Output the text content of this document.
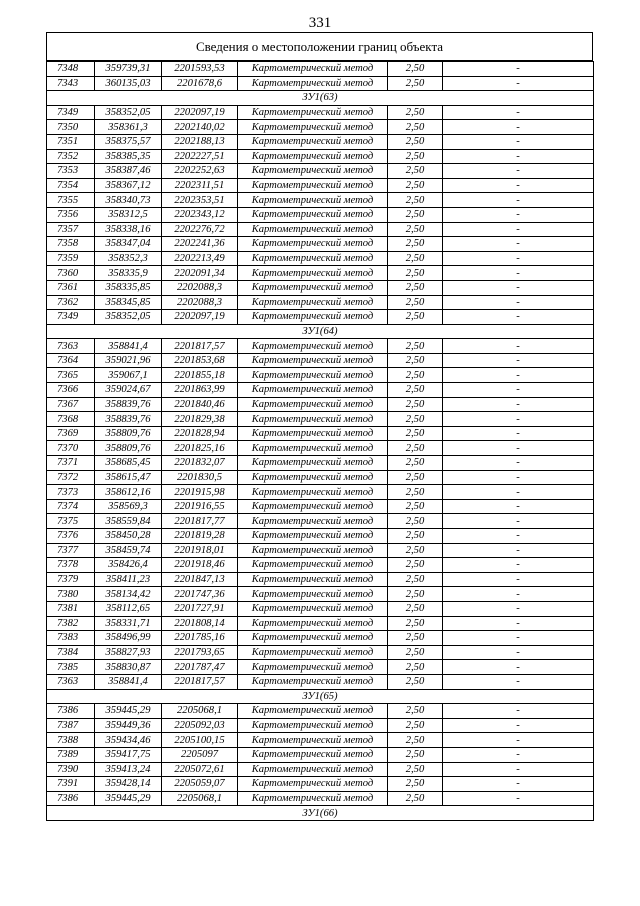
331
Сведения о местоположении границ объекта
7348	359739,31	2201593,53	Картометрический метод	2,50	-
7343	360135,03	2201678,6	Картометрический метод	2,50	-
ЗУ1(63)					
7349	358352,05	2202097,19	Картометрический метод	2,50	-
7350	358361,3	2202140,02	Картометрический метод	2,50	-
7351	358375,57	2202188,13	Картометрический метод	2,50	-
7352	358385,35	2202227,51	Картометрический метод	2,50	-
7353	358387,46	2202252,63	Картометрический метод	2,50	-
7354	358367,12	2202311,51	Картометрический метод	2,50	-
7355	358340,73	2202353,51	Картометрический метод	2,50	-
7356	358312,5	2202343,12	Картометрический метод	2,50	-
7357	358338,16	2202276,72	Картометрический метод	2,50	-
7358	358347,04	2202241,36	Картометрический метод	2,50	-
7359	358352,3	2202213,49	Картометрический метод	2,50	-
7360	358335,9	2202091,34	Картометрический метод	2,50	-
7361	358335,85	2202088,3	Картометрический метод	2,50	-
7362	358345,85	2202088,3	Картометрический метод	2,50	-
7349	358352,05	2202097,19	Картометрический метод	2,50	-
ЗУ1(64)					
7363	358841,4	2201817,57	Картометрический метод	2,50	-
7364	359021,96	2201853,68	Картометрический метод	2,50	-
7365	359067,1	2201855,18	Картометрический метод	2,50	-
7366	359024,67	2201863,99	Картометрический метод	2,50	-
7367	358839,76	2201840,46	Картометрический метод	2,50	-
7368	358839,76	2201829,38	Картометрический метод	2,50	-
7369	358809,76	2201828,94	Картометрический метод	2,50	-
7370	358809,76	2201825,16	Картометрический метод	2,50	-
7371	358685,45	2201832,07	Картометрический метод	2,50	-
7372	358615,47	2201830,5	Картометрический метод	2,50	-
7373	358612,16	2201915,98	Картометрический метод	2,50	-
7374	358569,3	2201916,55	Картометрический метод	2,50	-
7375	358559,84	2201817,77	Картометрический метод	2,50	-
7376	358450,28	2201819,28	Картометрический метод	2,50	-
7377	358459,74	2201918,01	Картометрический метод	2,50	-
7378	358426,4	2201918,46	Картометрический метод	2,50	-
7379	358411,23	2201847,13	Картометрический метод	2,50	-
7380	358134,42	2201747,36	Картометрический метод	2,50	-
7381	358112,65	2201727,91	Картометрический метод	2,50	-
7382	358331,71	2201808,14	Картометрический метод	2,50	-
7383	358496,99	2201785,16	Картометрический метод	2,50	-
7384	358827,93	2201793,65	Картометрический метод	2,50	-
7385	358830,87	2201787,47	Картометрический метод	2,50	-
7363	358841,4	2201817,57	Картометрический метод	2,50	-
ЗУ1(65)					
7386	359445,29	2205068,1	Картометрический метод	2,50	-
7387	359449,36	2205092,03	Картометрический метод	2,50	-
7388	359434,46	2205100,15	Картометрический метод	2,50	-
7389	359417,75	2205097	Картометрический метод	2,50	-
7390	359413,24	2205072,61	Картометрический метод	2,50	-
7391	359428,14	2205059,07	Картометрический метод	2,50	-
7386	359445,29	2205068,1	Картометрический метод	2,50	-
ЗУ1(66)					
